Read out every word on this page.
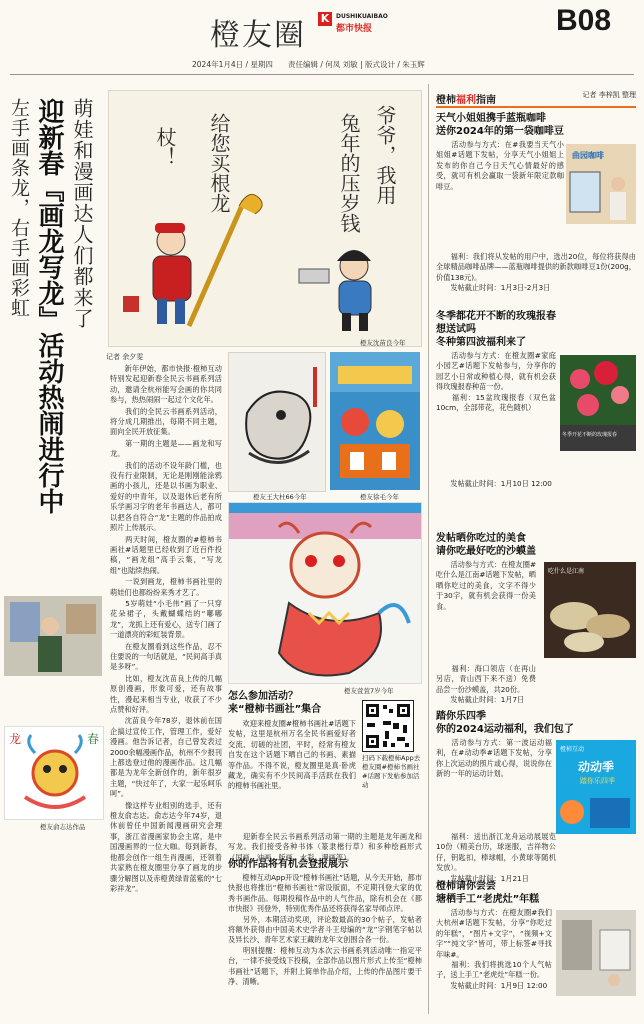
橙友圈 K	DUSHIKUAIBAO
都市快报	B08
2024年1月4日 / 星期四 责任编辑 / 何凤 刘敏 | 版式设计 / 朱玉辉
萌娃和漫画达人们都来了
迎新春『画龙写龙』活动热闹进行中
左手画条龙，右手画彩虹	爷爷，我用
兔年的压岁钱
给您买根龙
杖！
橙友沈苗良今年
记者 余夕雯

　　新年伊始，都市快报·橙柿互动特别发起迎新春全民云书画系列活动，邀请全杭州能写会画的你共同参与，热热闹闹一起过个文化年。

　　我们的全民云书画系列活动，将分成几期推出，每期不同主题，面向全民开放征集。

　　第一期的主题是——画龙和写龙。

　　我们的活动不设年龄门槛，也没有行业限制，无论是刚刚能涂鸦画的小孩儿，还是以书画为职业、爱好的中青年，以及退休后老有所乐学画习字的老年书画达人，都可以把各自符合“龙”主题的作品拍成照片上传展示。

　　两天时间，橙友圈的#橙柿书画社#话题里已经收到了近百件投稿，“画龙组”高手云集，“写龙组”也陆续热闹。

　　一说到画龙，橙柿书画社里的萌娃们也都纷纷来秀才艺了。

　　5岁萌娃“小毛伟”画了一只穿花朵裙子，头戴蝴蝶结的“嘟嘟龙”，龙抓上还有爱心，送专门画了一道漂亮的彩虹装背景。

　　在橙友圈看到这些作品，忍不住要说的一句话就是，“民间高手真是多呀”。

　　比如，橙友沈苗良上传的几幅原创漫画，形象可爱，还有故事性，漫起来相当专业，收获了不少点赞和好评。

　　沈苗良今年78岁，退休前在国企搞过宣传工作，管理工作，爱好漫画。他告诉记者，自己曾发表过2000余幅漫画作品，杭州不少报刊上都选登过他的漫画作品。这几幅都是为龙年全新创作的，新年很岁主题，“快过年了，大家一起乐呵乐呵”。

　　像这样专业组别的选手，还有橙友俞志达。俞志达今年74岁，退休前曾任中国新闻漫画研究会理事，浙江省漫画家协会主席，是中国漫画界的一位大咖。每到新春，他都会创作一组生肖漫画，还领着共家熟在橙友圈里分享了画龙的步骤分解图以及赤橙黄绿青蓝紫的“七彩祥龙”。

橙友王大杜66今年	橙友徐毛今年
橙友萱萱7岁今年
龙	春
橙友俞志达作品
怎么参加活动？
来“橙柿书画社”集合

　　欢迎来橙友圈#橙柿书画社#话题下发帖，这里是杭州万名全民书画爱好者交流、切磋的社团，平时，经常有橙友自发在这个话题下晒自己的书画、素描等作品。不得不说，橙友圈里是真·卧虎藏龙，确实有不少民间高手活跃在我们的橙柿书画社里。

　　迎新春全民云书画系列活动第一期的主题是龙年画龙和写龙。我们接受各种书体（篆隶楷行草）和多种绘画形式（国画、油画、版画、水彩、漫画等）。

扫码下载橙柿App去橙友圈#橙柿书画社#话题下发帖参加活动
你的作品将有机会登报展示

　　橙柿互动App开设“橙柿书画社”话题，从今天开始，都市快报也将推出“橙柿书画社”常设版面，不定期刊登大家的优秀书画作品。每期投稿作品中的人气作品，除有机会在《都市快报》刊登外，特别优秀作品还将获得名家导师点评。

　　另外，本期活动奖项，评论数最高的30个帖子，发帖者将额外获得由中国美术史学者斗王母编的“龙”字钢笔字帖以及异长沙、青年艺术家王藏的龙年文创围合各一份。

　　明别提醒：橙柿互动为本次云书画系列活动唯一指定平台，一律不接受线下投稿，全部作品以图片形式上传至“橙柿书画社”话题下，并附上简单作品介绍，上传的作品图片要干净、清晰。

橙柿福利指南	记者 李梓凯 整理
天气小姐姐携手蓝瓶咖啡
送你2024年的第一袋咖啡豆

　　活动参与方式：在#我要当天气小姐姐#话题下发帖，分享天气小姐姐上发布的你自己今日天气心情最好的感受，就可有机会赢取一袋新年限定款咖啡豆。

曲园咖啡

　　福利：我们将从发帖的用户中，选出20位，每位将获得由全球精品咖啡品牌——蓝瓶咖啡提供的新款咖啡豆1份(200g，价值138元)。

　　发帖截止时间：1月3日-2月3日

冬季都花开不断的玫瑰报春
想送试吗
冬种第四波福利来了

　　活动参与方式：在橙友圈#家庭小园艺#话题下发帖参与，分享你的园艺小日常或种植心得，就有机会获得玫瑰报春种苗一份。

　　福利：15盆玫瑰报春（双色盆10cm，全部带花，花色随机）

冬季开花不断的玫瑰报春

　　发帖截止时间：1月10日 12:00

发帖晒你吃过的美食
请你吃最好吃的沙蟆盖

　　活动参与方式：在橙友圈#吃什么是江南#话题下发帖，晒晒你吃过的美食，文字不得少于30字，就有机会获得一份美食。

吃什么是江南

　　福利：海口领店（在再山另店，青山西下来不送）免费品尝一份沙蟆盖，共20份。

　　发帖截止时间：1月7日

踏你乐四季
你的2024运动福利，我们包了

　　活动参与方式：第一波运动福利，在#动动季#话题下发帖，分享你上次运动的照片或心得，说说你在新的一年的运动计划。

橙柿互动
动动季
踏你乐四季

　　福利：送出浙江龙舟运动展展览10份（精美台历，球迷服，吉祥物公仔，钥匙扣，棒球帽，小黄球等随机发放）。

　　发帖截止时间：1月21日

橙柿请你尝尝
塘栖手工“老虎灶”年糕

　　活动参与方式：在橙友圈#我们大杭州#话题下发帖，分享“你吃过的年糕”，“图片+文字”，“视频+文字”“纯文字”皆可，带上标签#寻找年味#。

　　福利：我们将挑选10个人气帖子，送上手工“老虎灶”年糕一份。

　　发帖截止时间：1月9日 12:00
